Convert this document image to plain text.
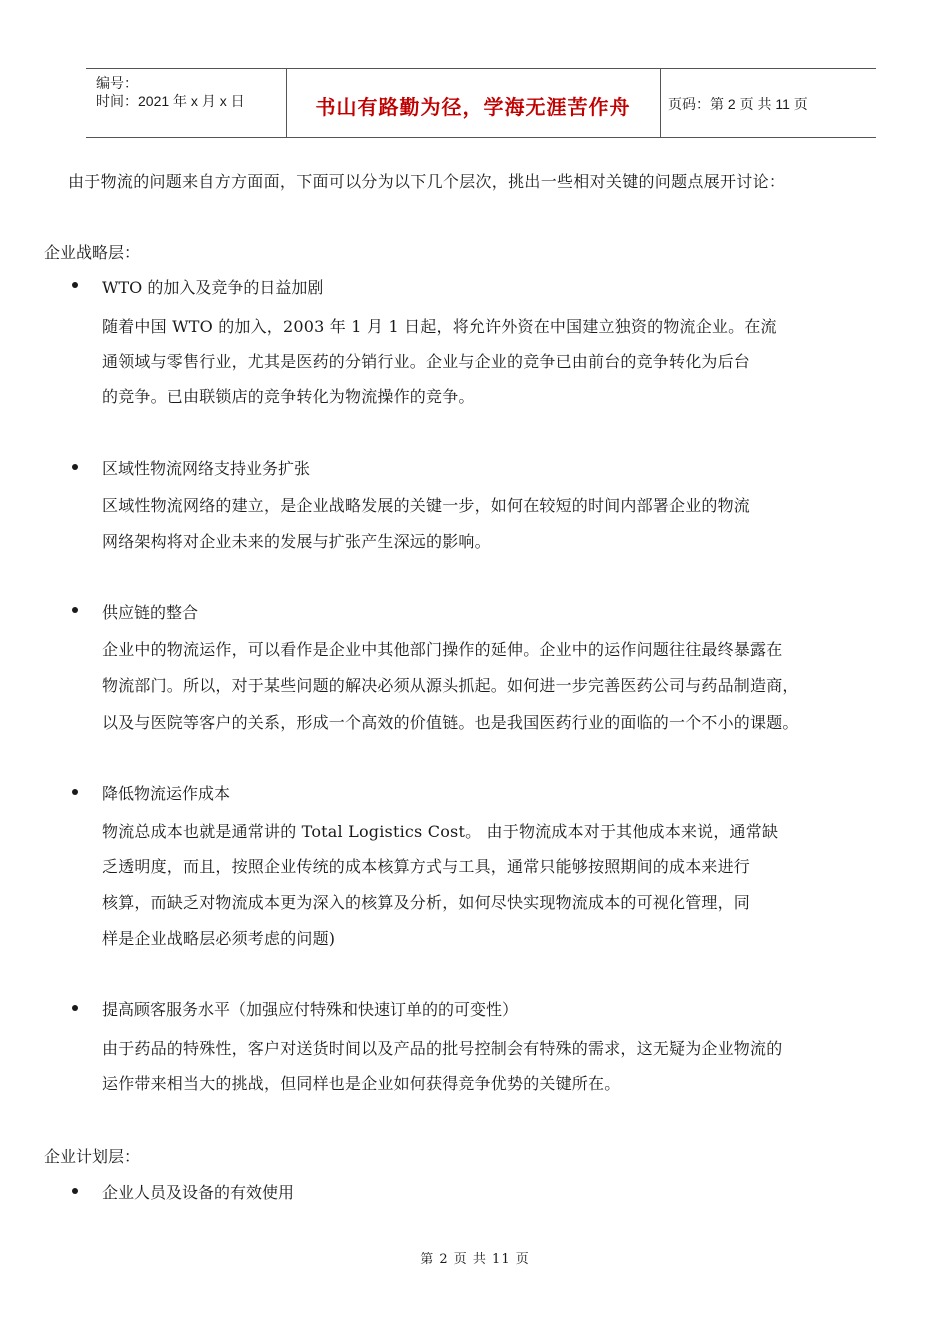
编号：
时间：2021 年 x 月 x 日	书山有路勤为径，学海无涯苦作舟	页码：第 2 页 共 11 页
由于物流的问题来自方方面面，下面可以分为以下几个层次，挑出一些相对关键的问题点展开讨论：
企业战略层：
WTO 的加入及竞争的日益加剧
随着中国 WTO 的加入，2003 年 1 月 1 日起，将允许外资在中国建立独资的物流企业。在流
通领域与零售行业，尤其是医药的分销行业。企业与企业的竞争已由前台的竞争转化为后台
的竞争。已由联锁店的竞争转化为物流操作的竞争。
区域性物流网络支持业务扩张
区域性物流网络的建立，是企业战略发展的关键一步，如何在较短的时间内部署企业的物流
网络架构将对企业未来的发展与扩张产生深远的影响。
供应链的整合
企业中的物流运作，可以看作是企业中其他部门操作的延伸。企业中的运作问题往往最终暴露在
物流部门。所以，对于某些问题的解决必须从源头抓起。如何进一步完善医药公司与药品制造商，
以及与医院等客户的关系，形成一个高效的价值链。也是我国医药行业的面临的一个不小的课题。
降低物流运作成本
物流总成本也就是通常讲的 Total Logistics Cost。 由于物流成本对于其他成本来说，通常缺
乏透明度，而且，按照企业传统的成本核算方式与工具，通常只能够按照期间的成本来进行
核算，而缺乏对物流成本更为深入的核算及分析，如何尽快实现物流成本的可视化管理，同
样是企业战略层必须考虑的问题)
提高顾客服务水平（加强应付特殊和快速订单的的可变性）
由于药品的特殊性，客户对送货时间以及产品的批号控制会有特殊的需求，这无疑为企业物流的
运作带来相当大的挑战，但同样也是企业如何获得竞争优势的关键所在。
企业计划层：
企业人员及设备的有效使用
第 2 页 共 11 页
